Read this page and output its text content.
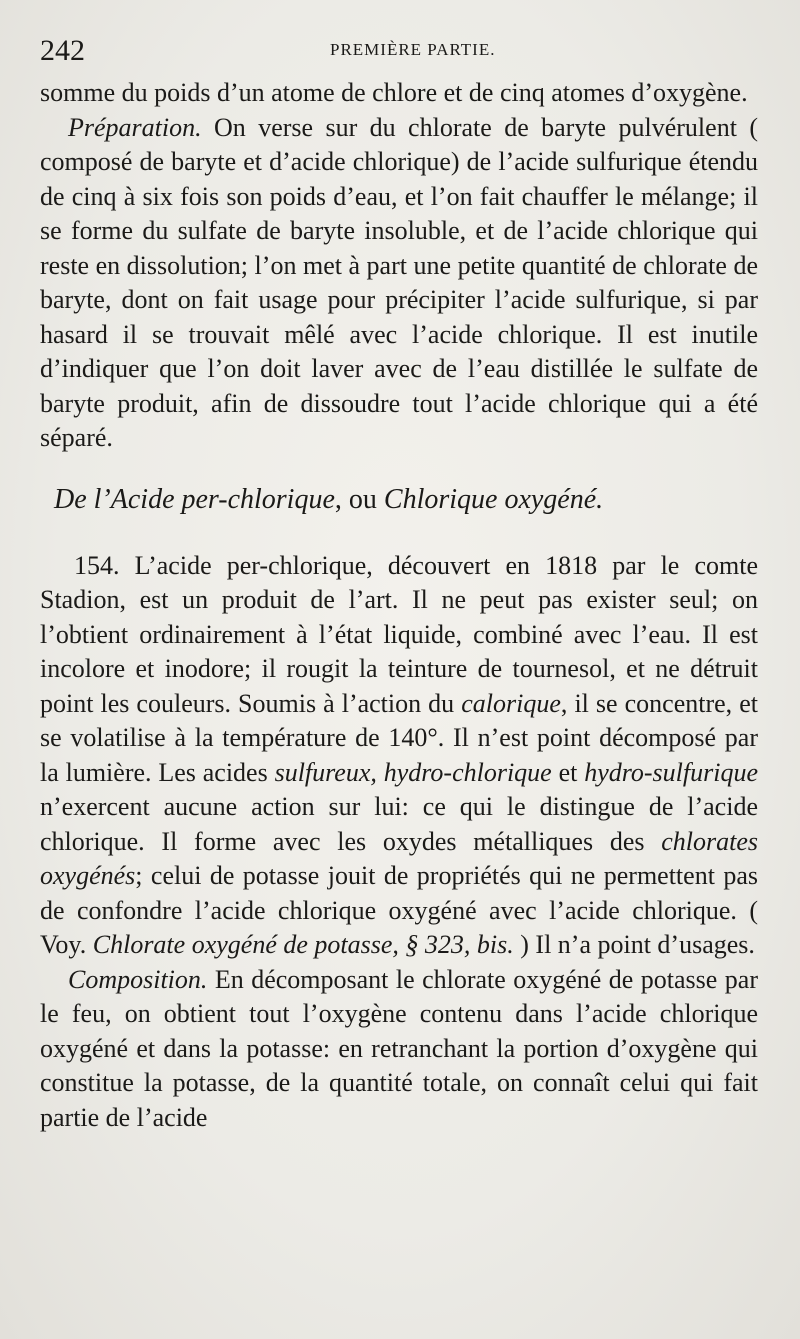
242	PREMIÈRE PARTIE.

somme du poids d’un atome de chlore et de cinq atomes d’oxygène.

Préparation. On verse sur du chlorate de baryte pulvérulent ( composé de baryte et d’acide chlorique) de l’acide sulfurique étendu de cinq à six fois son poids d’eau, et l’on fait chauffer le mélange; il se forme du sulfate de baryte insoluble, et de l’acide chlorique qui reste en dissolution; l’on met à part une petite quantité de chlorate de baryte, dont on fait usage pour précipiter l’acide sulfurique, si par hasard il se trouvait mêlé avec l’acide chlorique. Il est inutile d’indiquer que l’on doit laver avec de l’eau distillée le sulfate de baryte produit, afin de dissoudre tout l’acide chlorique qui a été séparé.

De l’Acide per-chlorique, ou Chlorique oxygéné.

154. L’acide per-chlorique, découvert en 1818 par le comte Stadion, est un produit de l’art. Il ne peut pas exister seul; on l’obtient ordinairement à l’état liquide, combiné avec l’eau. Il est incolore et inodore; il rougit la teinture de tournesol, et ne détruit point les couleurs. Soumis à l’action du calorique, il se concentre, et se volatilise à la température de 140°. Il n’est point décomposé par la lumière. Les acides sulfureux, hydro-chlorique et hydro-sulfurique n’exercent aucune action sur lui: ce qui le distingue de l’acide chlorique. Il forme avec les oxydes métalliques des chlorates oxygénés; celui de potasse jouit de propriétés qui ne permettent pas de confondre l’acide chlorique oxygéné avec l’acide chlorique. ( Voy. Chlorate oxygéné de potasse, § 323, bis. ) Il n’a point d’usages.

Composition. En décomposant le chlorate oxygéné de potasse par le feu, on obtient tout l’oxygène contenu dans l’acide chlorique oxygéné et dans la potasse: en retranchant la portion d’oxygène qui constitue la potasse, de la quantité totale, on connaît celui qui fait partie de l’acide
